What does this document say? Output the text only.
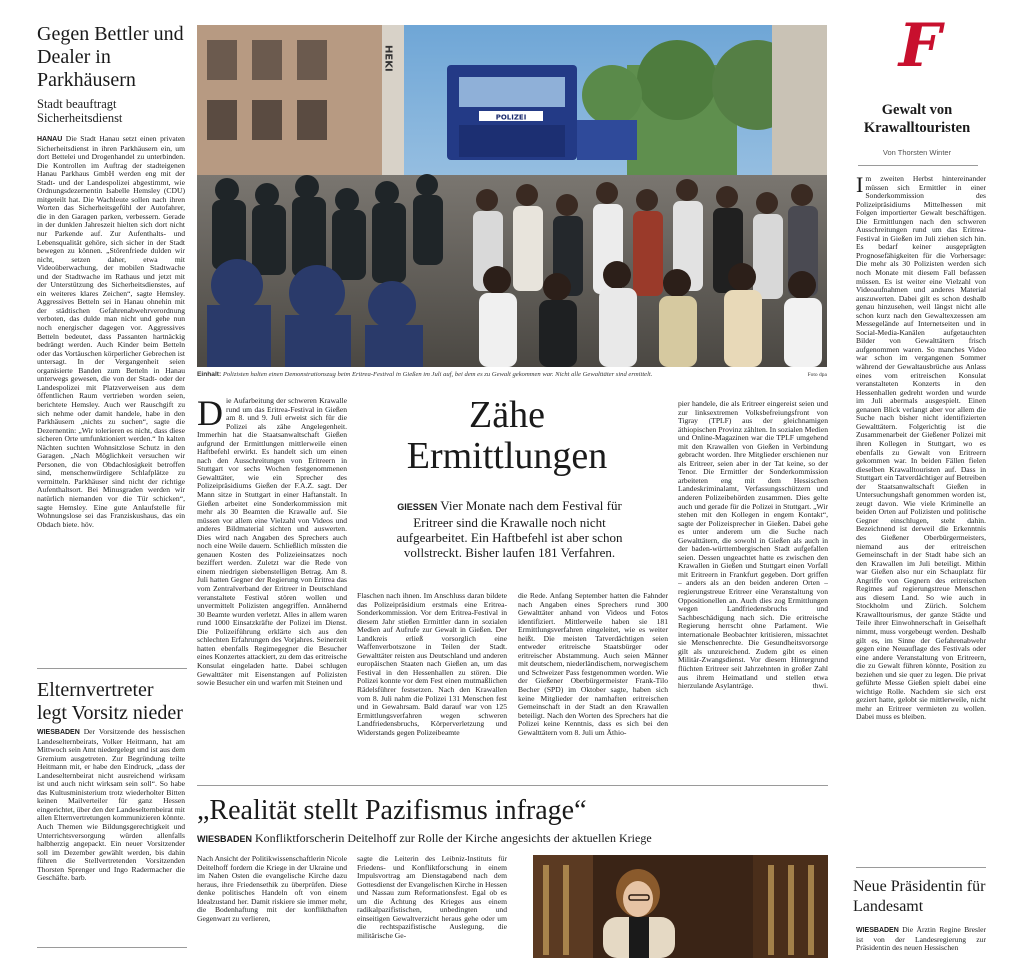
Gegen Bettler und Dealer in Parkhäusern
Stadt beauftragt Sicherheitsdienst
HANAU Die Stadt Hanau setzt einen privaten Sicherheitsdienst in ihren Parkhäusern ein, um dort Bettelei und Drogenhandel zu unterbinden. Die Kontrollen im Auftrag der stadteigenen Hanau Parkhaus GmbH werden eng mit der Stadt- und der Landespolizei abgestimmt, wie Ordnungsdezernentin Isabelle Hemsley (CDU) mitgeteilt hat. Die Wachleute sollen nach ihren Worten das Sicherheitsgefühl der Autofahrer, die in den Garagen parken, verbessern. Gerade in der dunklen Jahreszeit hielten sich dort nicht nur Parkende auf. Zur Aufenthalts- und Lebensqualität gehöre, sich sicher in der Stadt bewegen zu können. „Störenfriede dulden wir nicht, setzen daher, etwa mit Videoüberwachung, der mobilen Stadtwache und der Stadtwache im Rathaus und jetzt mit der Unterstützung des Sicherheitsdienstes, auf ein weiteres klares Zeichen“, sagte Hemsley. Aggressives Betteln sei in Hanau ohnehin mit der städtischen Gefahrenabwehrverordnung verboten, das dulde man nicht und gehe nun noch energischer dagegen vor. Aggressives Betteln bedeutet, dass Passanten hartnäckig bedrängt werden. Auch Kinder beim Betteln oder das Vortäuschen körperlicher Gebrechen ist untersagt. In der Vergangenheit seien organisierte Banden zum Betteln in Hanau unterwegs gewesen, die von der Stadt- oder der Landespolizei mit Platzverweisen aus dem öffentlichen Raum vertrieben worden seien, berichtete Hemsley. Auch wer Rauschgift zu sich nehme oder damit handele, habe in den Parkhäusern „nichts zu suchen“, sagte die Dezernentin: „Wir tolerieren es nicht, dass diese sicheren Orte umfunktioniert werden.“ In kalten Nächten suchten Wohnsitzlose Schutz in den Garagen. „Nach Möglichkeit versuchen wir Personen, die von Obdachlosigkeit betroffen sind, menschenwürdigere Schlafplätze zu vermitteln. Parkhäuser sind nicht der richtige Aufenthaltsort. Bei Minusgraden werden wir natürlich niemanden vor die Tür schicken“, sagte Hemsley. Eine gute Anlaufstelle für Wohnungslose sei das Franziskushaus, das ein Obdach biete. höv.
Elternvertreter legt Vorsitz nieder
WIESBADEN Der Vorsitzende des hessischen Landeselternbeirats, Volker Heitmann, hat am Mittwoch sein Amt niedergelegt und ist aus dem Gremium ausgetreten. Zur Begründung teilte Heitmann mit, er habe den Eindruck, „dass der Landeselternbeirat nicht ausreichend wirksam ist und auch nicht wirksam sein soll“. So habe das Kultusministerium trotz wiederholter Bitten keinen Mailverteiler für ganz Hessen eingerichtet, über den der Landeselternbeirat mit allen Elternvertretungen kommunizieren könnte. Auch Themen wie Bildungsgerechtigkeit und Unterrichtsversorgung würden allenfalls halbherzig angepackt. Ein neuer Vorsitzender soll im Dezember gewählt werden, bis dahin führen die Stellvertretenden Vorsitzenden Thorsten Sprenger und Ingo Radermacher die Geschäfte. barb.
HEKI
POLIZEI
Einhalt: Polizisten halten einen Demonstrationszug beim Eritrea-Festival in Gießen im Juli auf, bei dem es zu Gewalt gekommen war. Nicht alle Gewalttäter sind ermittelt.	Foto dpa
Die Aufarbeitung der schweren Krawalle rund um das Eritrea-Festival in Gießen am 8. und 9. Juli erweist sich für die Polizei als zähe Angelegenheit. Immerhin hat die Staatsanwaltschaft Gießen aufgrund der Ermittlungen mittlerweile einen Haftbefehl erwirkt. Es handelt sich um einen nach den Ausschreitungen von Eritreern in Stuttgart vor sechs Wochen festgenommenen Gewalttäter, wie ein Sprecher des Polizeipräsidiums Gießen der F.A.Z. sagt. Der Mann sitze in Stuttgart in einer Haftanstalt. In Gießen arbeitet eine Sonderkommission mit mehr als 30 Beamten die Krawalle auf. Sie müssen vor allem eine Vielzahl von Videos und anderes Bildmaterial sichten und auswerten. Dies wird nach Angaben des Sprechers auch noch eine Weile dauern. Schließlich müssten die genauen Kosten des Polizeieinsatzes noch beziffert werden. Zuletzt war die Rede von einem niedrigen siebenstelligen Betrag. Am 8. Juli hatten Gegner der Regierung von Eritrea das vom Zentralverband der Eritreer in Deutschland veranstaltete Festival stören wollen und unvermittelt Polizisten angegriffen. Annähernd 30 Beamte wurden verletzt. Alles in allem waren rund 1000 Einsatzkräfte der Polizei im Dienst. Die Polizeiführung erklärte sich aus den schlechten Erfahrungen des Vorjahres. Seinerzeit hatten ebenfalls Regimegegner die Besucher eines Konzertes attackiert, zu dem das eritreische Konsulat eingeladen hatte. Dabei schlugen Gewalttäter mit Eisenstangen auf Polizisten sowie Besucher ein und warfen mit Steinen und
Zähe
Ermittlungen
GIESSEN Vier Monate nach dem Festival für Eritreer sind die Krawalle noch nicht aufgearbeitet. Ein Haftbefehl ist aber schon vollstreckt. Bisher laufen 181 Verfahren.
Flaschen nach ihnen. Im Anschluss daran bildete das Polizeipräsidium erstmals eine Eritrea-Sonderkommission. Vor dem Eritrea-Festival in diesem Jahr stießen Ermittler dann in sozialen Medien auf Aufrufe zur Gewalt in Gießen. Der Landkreis erließ vorsorglich eine Waffenverbotszone in Teilen der Stadt. Gewalttäter reisten aus Deutschland und anderen europäischen Staaten nach Gießen an, um das Festival in den Hessenhallen zu stören. Die Polizei konnte vor dem Fest einen mutmaßlichen Rädelsführer festsetzen. Nach den Krawallen vom 8. Juli nahm die Polizei 131 Menschen fest und in Gewahrsam. Bald darauf war von 125 Ermittlungsverfahren wegen schweren Landfriedensbruchs, Körperverletzung und Widerstands gegen Polizeibeamte
die Rede. Anfang September hatten die Fahnder nach Angaben eines Sprechers rund 300 Gewalttäter anhand von Videos und Fotos identifiziert. Mittlerweile haben sie 181 Ermittlungsverfahren eingeleitet, wie es weiter heißt. Die meisten Tatverdächtigen seien entweder eritreische Staatsbürger oder eritreischer Abstammung. Auch seien Männer mit deutschem, niederländischem, norwegischem und Schweizer Pass festgenommen worden. Wie der Gießener Oberbürgermeister Frank-Tilo Becher (SPD) im Oktober sagte, haben sich keine Mitglieder der namhaften eritreischen Gemeinschaft in der Stadt an den Krawallen beteiligt. Nach den Worten des Sprechers hat die Polizei keine Kenntnis, dass es sich bei den Gewalttätern vom 8. Juli um Äthio-
pier handele, die als Eritreer eingereist seien und zur linksextremen Volksbefreiungsfront von Tigray (TPLF) aus der gleichnamigen äthiopischen Provinz zählten. In sozialen Medien und Online-Magazinen war die TPLF umgehend mit den Krawallen von Gießen in Verbindung gebracht worden. Ihre Mitglieder erschienen nur als Eritreer, seien aber in der Tat keine, so der Tenor. Die Ermittler der Sonderkommission arbeiteten eng mit dem Hessischen Landeskriminalamt, Verfassungsschützern und anderen Polizeibehörden zusammen. Dies gelte auch und gerade für die Polizei in Stuttgart. „Wir stehen mit den Kollegen in engem Kontakt“, sagte der Polizeisprecher in Gießen. Dabei gehe es unter anderem um die Suche nach Gewalttätern, die sowohl in Gießen als auch in der baden-württembergischen Stadt aufgefallen seien. Dessen ungeachtet hatte es zwischen den Krawallen in Gießen und Stuttgart einen Vorfall mit Eritreern in Frankfurt gegeben. Dort griffen – anders als an den beiden anderen Orten – regierungstreue Eritreer eine Veranstaltung von Oppositionellen an. Auch dies zog Ermittlungen wegen Landfriedensbruchs und Sachbeschädigung nach sich. Die eritreische Regierung herrscht ohne Parlament. Wie internationale Beobachter kritisieren, missachtet sie Menschenrechte. Die Gesundheitsvorsorge gilt als unzureichend. Zudem gibt es einen Militär-Zwangsdienst. Vor diesem Hintergrund flüchten Eritreer seit Jahrzehnten in großer Zahl aus ihrem Heimatland und stellen etwa hierzulande Asylanträge.	thwi.
„Realität stellt Pazifismus infrage“
WIESBADEN Konfliktforscherin Deitelhoff zur Rolle der Kirche angesichts der aktuellen Kriege
Nach Ansicht der Politikwissenschaftlerin Nicole Deitelhoff fordern die Kriege in der Ukraine und im Nahen Osten die evangelische Kirche dazu heraus, ihre Friedensethik zu überprüfen. Diese denke politisches Handeln oft von einem Idealzustand her. Damit riskiere sie immer mehr, die Bodenhaftung mit der konflikthaften Gegenwart zu verlieren,
sagte die Leiterin des Leibniz-Instituts für Friedens- und Konfliktforschung in einem Impulsvortrag am Dienstagabend nach dem Gottesdienst der Evangelischen Kirche in Hessen und Nassau zum Reformationsfest. Egal ob es um die Ächtung des Krieges aus einem radikalpazifistischen, unbedingten und einseitigen Gewaltverzicht heraus gehe oder um die rechtspazifistische Auslegung, die militärische Ge-
F
Gewalt von Krawalltouristen
Von Thorsten Winter
Im zweiten Herbst hintereinander müssen sich Ermittler in einer Sonderkommission des Polizeipräsidiums Mittelhessen mit Folgen importierter Gewalt beschäftigen. Die Ermittlungen nach den schweren Ausschreitungen rund um das Eritrea-Festival in Gießen im Juli ziehen sich hin. Es bedarf keiner ausgeprägten Prognosefähigkeiten für die Vorhersage: Die mehr als 30 Polizisten werden sich noch Monate mit diesem Fall befassen müssen. Es ist weiter eine Vielzahl von Videoaufnahmen und anderes Material auszuwerten. Dabei gilt es schon deshalb genau hinzusehen, weil längst nicht alle schon kurz nach den Gewaltexzessen am Messegelände auf Internetseiten und in Social-Media-Kanälen aufgetauchten Bilder von Gewalttätern frisch aufgenommen waren. So manches Video war schon im vergangenen Sommer während der Gewaltausbrüche aus Anlass eines vom eritreischen Konsulat veranstalteten Konzerts in den Hessenhallen gedreht worden und wurde im Juli abermals ausgespielt. Einen genauen Blick verlangt aber vor allem die Suche nach bisher nicht identifizierten Gewalttätern. Folgerichtig ist die Zusammenarbeit der Gießener Polizei mit ihren Kollegen in Stuttgart, wo es ebenfalls zu Gewalt von Eritreern gekommen war. In beiden Fällen fielen dieselben Krawalltouristen auf. Dass in Stuttgart ein Tatverdächtiger auf Betreiben der Staatsanwaltschaft Gießen in Untersuchungshaft genommen worden ist, zeugt davon. Wie viele Kriminelle an beiden Orten auf Polizisten und politische Gegner einschlugen, steht dahin. Bezeichnend ist derweil die Erkenntnis des Gießener Oberbürgermeisters, niemand aus der eritreischen Gemeinschaft in der Stadt habe sich an den Krawallen im Juli beteiligt. Mithin war Gießen also nur ein Schauplatz für Angriffe von Gegnern des eritreischen Regimes auf regierungstreue Menschen aus diesem Land. So wie auch in Stockholm und Zürich. Solchem Krawalltourismus, der ganze Städte und Teile ihrer Einwohnerschaft in Geiselhaft nimmt, muss vorgebeugt werden. Deshalb gilt es, im Sinne der Gefahrenabwehr gegen eine Neuauflage des Festivals oder eine andere Veranstaltung von Eritreern, die zu Gewalt führen könnte, Position zu beziehen und sie quer zu legen. Die privat geführte Messe Gießen spielt dabei eine wichtige Rolle. Nachdem sie sich erst geziert hatte, gelobt sie mittlerweile, nicht mehr an Eritreer vermieten zu wollen. Dabei muss es bleiben.
Neue Präsidentin für Landesamt
WIESBADEN Die Ärztin Regine Bresler ist von der Landesregierung zur Präsidentin des neuen Hessischen
